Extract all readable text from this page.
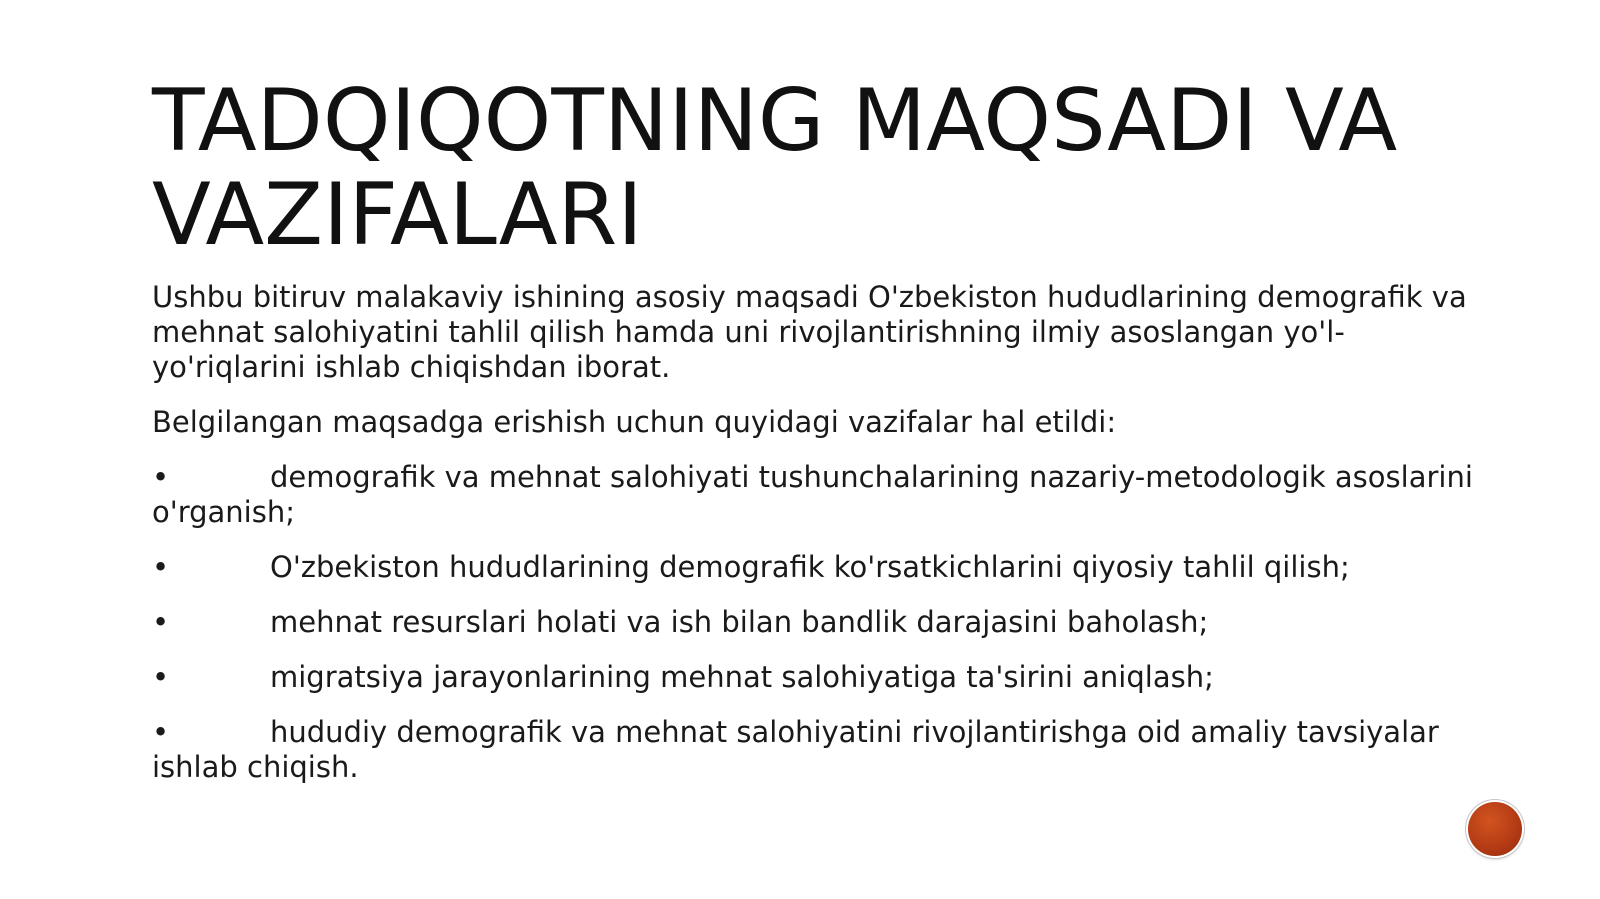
TADQIQOTNING MAQSADI VA VAZIFALARI

Ushbu bitiruv malakaviy ishining asosiy maqsadi O'zbekiston hududlarining demografik va mehnat salohiyatini tahlil qilish hamda uni rivojlantirishning ilmiy asoslangan yo'l-yo'riqlarini ishlab chiqishdan iborat.

Belgilangan maqsadga erishish uchun quyidagi vazifalar hal etildi:

•	demografik va mehnat salohiyati tushunchalarining nazariy-metodologik asoslarini o'rganish;
•	O'zbekiston hududlarining demografik ko'rsatkichlarini qiyosiy tahlil qilish;
•	mehnat resurslari holati va ish bilan bandlik darajasini baholash;
•	migratsiya jarayonlarining mehnat salohiyatiga ta'sirini aniqlash;
•	hududiy demografik va mehnat salohiyatini rivojlantirishga oid amaliy tavsiyalar ishlab chiqish.
